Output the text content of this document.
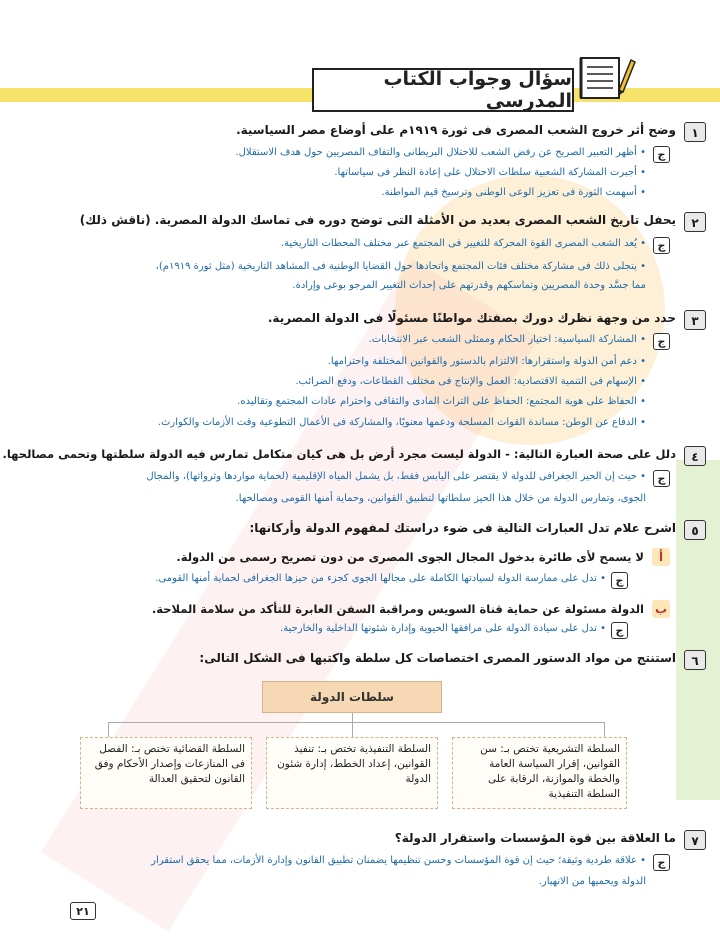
سؤال وجواب الكتاب المدرسى
١
وضح أثر خروج الشعب المصرى فى ثورة ١٩١٩م على أوضاع مصر السياسية.
ج
• أظهر التعبير الصريح عن رفض الشعب للاحتلال البريطانى والتفاف المصريين حول هدف الاستقلال.
• أجبرت المشاركة الشعبية سلطات الاحتلال على إعادة النظر فى سياساتها.
• أسهمت الثورة فى تعزيز الوعى الوطنى وترسيخ قيم المواطنة.
٢
يحفل تاريخ الشعب المصرى بعديد من الأمثلة التى توضح دوره فى تماسك الدولة المصرية. (ناقش ذلك)
ج
• يُعد الشعب المصرى القوة المحركة للتغيير فى المجتمع عبر مختلف المحطات التاريخية.
• يتجلى ذلك فى مشاركة مختلف فئات المجتمع واتحادها حول القضايا الوطنية فى المشاهد التاريخية (مثل ثورة ١٩١٩م)،
مما جسَّد وحدة المصريين وتماسكهم وقدرتهم على إحداث التغيير المرجو بوعى وإرادة.
٣
حدد من وجهة نظرك دورك بصفتك مواطنًا مسئولًا فى الدولة المصرية.
ج
• المشاركة السياسية: اختيار الحكام وممثلى الشعب عبر الانتخابات.
• دعم أمن الدولة واستقرارها: الالتزام بالدستور والقوانين المختلفة واحترامها.
• الإسهام فى التنمية الاقتصادية: العمل والإنتاج فى مختلف القطاعات، ودفع الضرائب.
• الحفاظ على هوية المجتمع: الحفاظ على التراث المادى والثقافى واحترام عادات المجتمع وتقاليده.
• الدفاع عن الوطن: مساندة القوات المسلحة ودعمها معنويًا، والمشاركة فى الأعمال التطوعية وقت الأزمات والكوارث.
٤
دلل على صحة العبارة التالية: - الدولة ليست مجرد أرض بل هى كيان متكامل تمارس فيه الدولة سلطتها وتحمى مصالحها.
ج
• حيث إن الحيز الجغرافى للدولة لا يقتصر على اليابس فقط، بل يشمل المياه الإقليمية (لحماية مواردها وثرواتها)، والمجال
الجوى، وتمارس الدولة من خلال هذا الحيز سلطاتها لتطبيق القوانين، وحماية أمنها القومى ومصالحها.
٥
اشرح علام تدل العبارات التالية فى ضوء دراستك لمفهوم الدولة وأركانها:
أ
لا يسمح لأى طائرة بدخول المجال الجوى المصرى من دون تصريح رسمى من الدولة.
ج
• تدل على ممارسة الدولة لسيادتها الكاملة على مجالها الجوى كجزء من حيزها الجغرافى لحماية أمنها القومى.
ب
الدولة مسئولة عن حماية قناة السويس ومراقبة السفن العابرة للتأكد من سلامة الملاحة.
ج
• تدل على سيادة الدولة على مرافقها الحيوية وإدارة شئونها الداخلية والخارجية.
٦
استنتج من مواد الدستور المصرى اختصاصات كل سلطة واكتبها فى الشكل التالى:
سلطات الدولة
السلطة التشريعية تختص بـ: سن القوانين، إقرار السياسة العامة والخطة والموازنة، الرقابة على السلطة التنفيذية
السلطة التنفيذية تختص بـ: تنفيذ القوانين، إعداد الخطط، إدارة شئون الدولة
السلطة القضائية تختص بـ: الفصل فى المنازعات وإصدار الأحكام وفق القانون لتحقيق العدالة
٧
ما العلاقة بين قوة المؤسسات واستقرار الدولة؟
ج
• علاقة طردية وثيقة؛ حيث إن قوة المؤسسات وحسن تنظيمها يضمنان تطبيق القانون وإدارة الأزمات، مما يحقق استقرار
الدولة ويحميها من الانهيار.
٢١
